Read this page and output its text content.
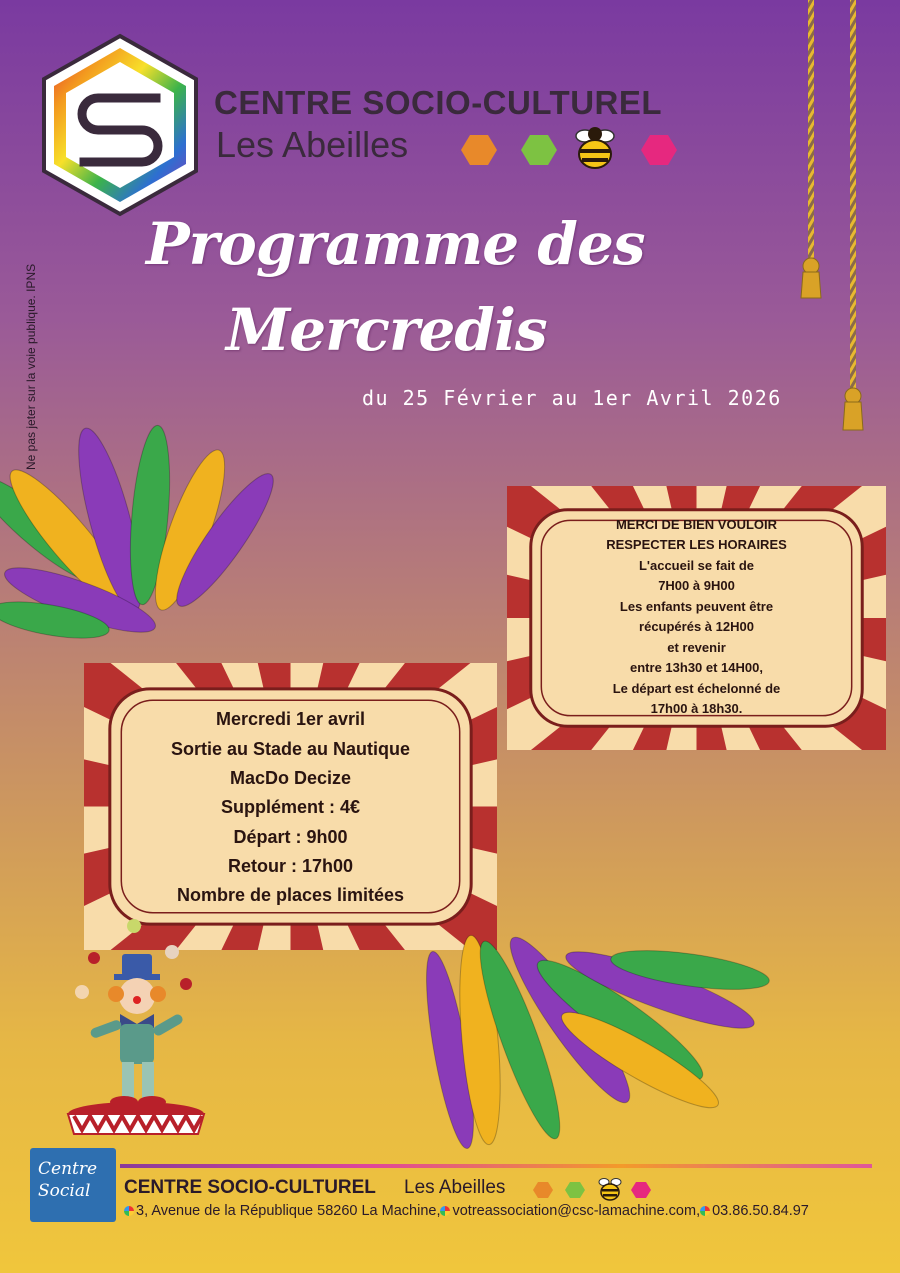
CENTRE SOCIO-CULTUREL
Les Abeilles
Ne pas jeter sur la voie publique. IPNS
Programme des
Mercredis
du 25 Février au 1er Avril 2026
MERCI DE BIEN VOULOIR
RESPECTER LES HORAIRES
L'accueil se fait de
7H00 à 9H00
Les enfants peuvent être
récupérés à 12H00
et revenir
entre 13h30 et 14H00,
Le départ est échelonné de
17h00 à 18h30.
Mercredi 1er avril
Sortie au Stade au Nautique
MacDo Decize
Supplément : 4€
Départ : 9h00
Retour : 17h00
Nombre de places limitées
Centre Social	CENTRE SOCIO-CULTUREL Les Abeilles
3, Avenue de la République 58260 La Machine, votreassociation@csc-lamachine.com, 03.86.50.84.97
